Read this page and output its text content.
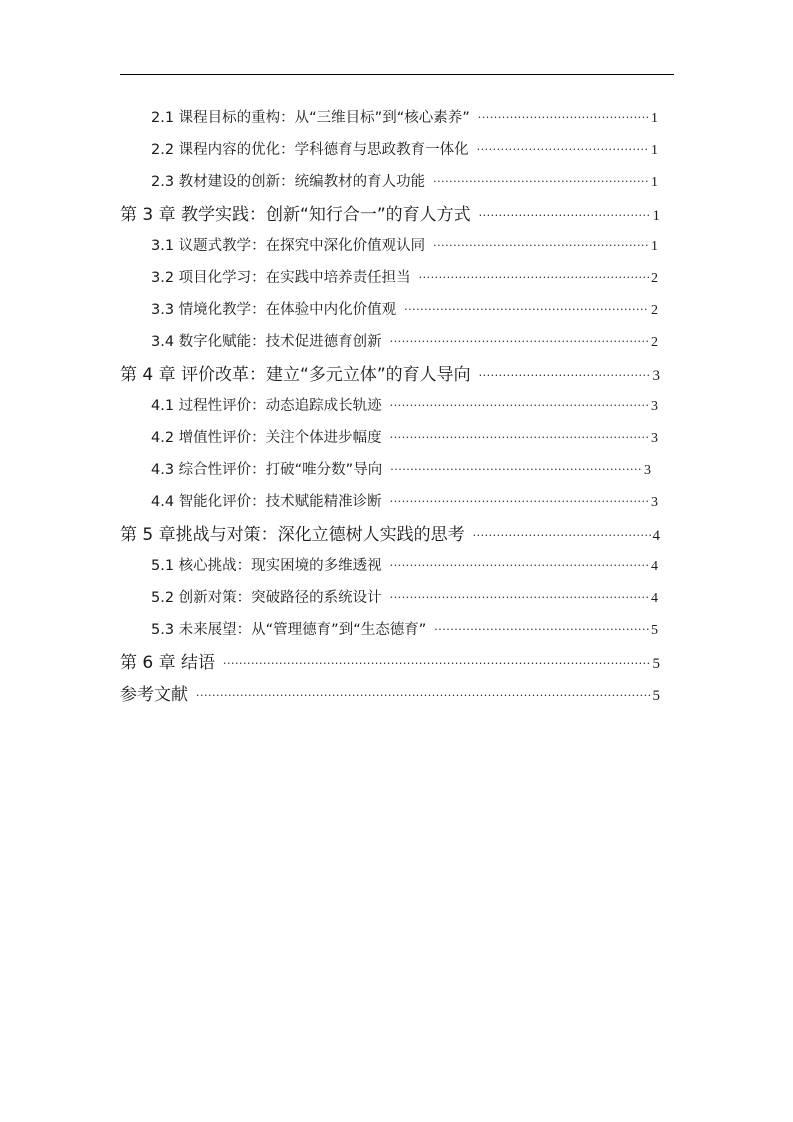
2.1 课程目标的重构：从“三维目标”到“核心素养” ·····	1
2.2 课程内容的优化：学科德育与思政教育一体化 ·····	1
2.3 教材建设的创新：统编教材的育人功能 ·····	1
第 3 章 教学实践：创新“知行合一”的育人方式 ·····	1
3.1 议题式教学：在探究中深化价值观认同 ·····	1
3.2 项目化学习：在实践中培养责任担当 ·····	2
3.3 情境化教学：在体验中内化价值观 ·····	2
3.4 数字化赋能：技术促进德育创新 ·····	2
第 4 章 评价改革：建立“多元立体”的育人导向 ·····	3
4.1 过程性评价：动态追踪成长轨迹 ·····	3
4.2 增值性评价：关注个体进步幅度 ·····	3
4.3 综合性评价：打破“唯分数”导向 ·····	3
4.4 智能化评价：技术赋能精准诊断 ·····	3
第 5 章挑战与对策：深化立德树人实践的思考 ·····	4
5.1 核心挑战：现实困境的多维透视 ·····	4
5.2 创新对策：突破路径的系统设计 ·····	4
5.3 未来展望：从“管理德育”到“生态德育” ·····	5
第 6 章 结语 ·····	5
参考文献 ·····	5
